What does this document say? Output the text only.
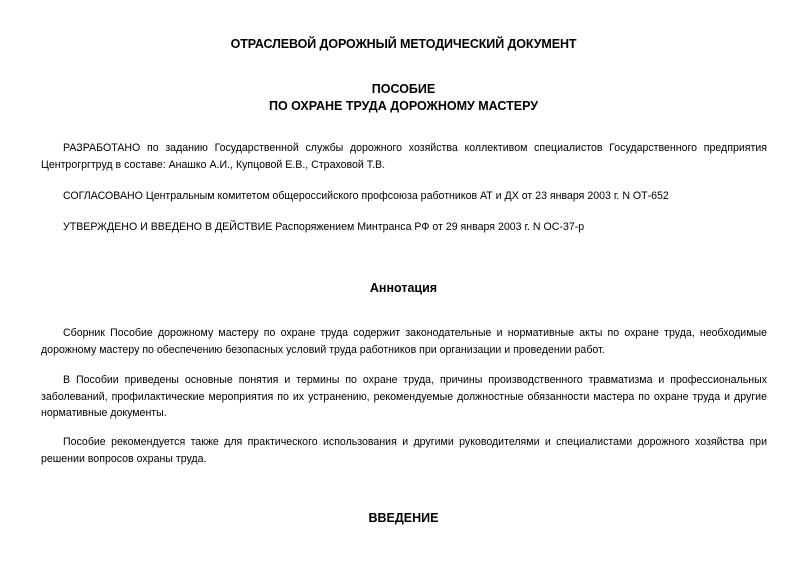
ОТРАСЛЕВОЙ ДОРОЖНЫЙ МЕТОДИЧЕСКИЙ ДОКУМЕНТ
ПОСОБИЕ
ПО ОХРАНЕ ТРУДА ДОРОЖНОМУ МАСТЕРУ

РАЗРАБОТАНО по заданию Государственной службы дорожного хозяйства коллективом специалистов Государственного предприятия Центрогргтруд в составе: Анашко А.И., Купцовой Е.В., Страховой Т.В.

СОГЛАСОВАНО Центральным комитетом общероссийского профсоюза работников АТ и ДХ от 23 января 2003 г. N ОТ-652

УТВЕРЖДЕНО И ВВЕДЕНО В ДЕЙСТВИЕ Распоряжением Минтранса РФ от 29 января 2003 г. N ОС-37-р

Аннотация

Сборник Пособие дорожному мастеру по охране труда содержит законодательные и нормативные акты по охране труда, необходимые дорожному мастеру по обеспечению безопасных условий труда работников при организации и проведении работ.

В Пособии приведены основные понятия и термины по охране труда, причины производственного травматизма и профессиональных заболеваний, профилактические мероприятия по их устранению, рекомендуемые должностные обязанности мастера по охране труда и другие нормативные документы.

Пособие рекомендуется также для практического использования и другими руководителями и специалистами дорожного хозяйства при решении вопросов охраны труда.

ВВЕДЕНИЕ
